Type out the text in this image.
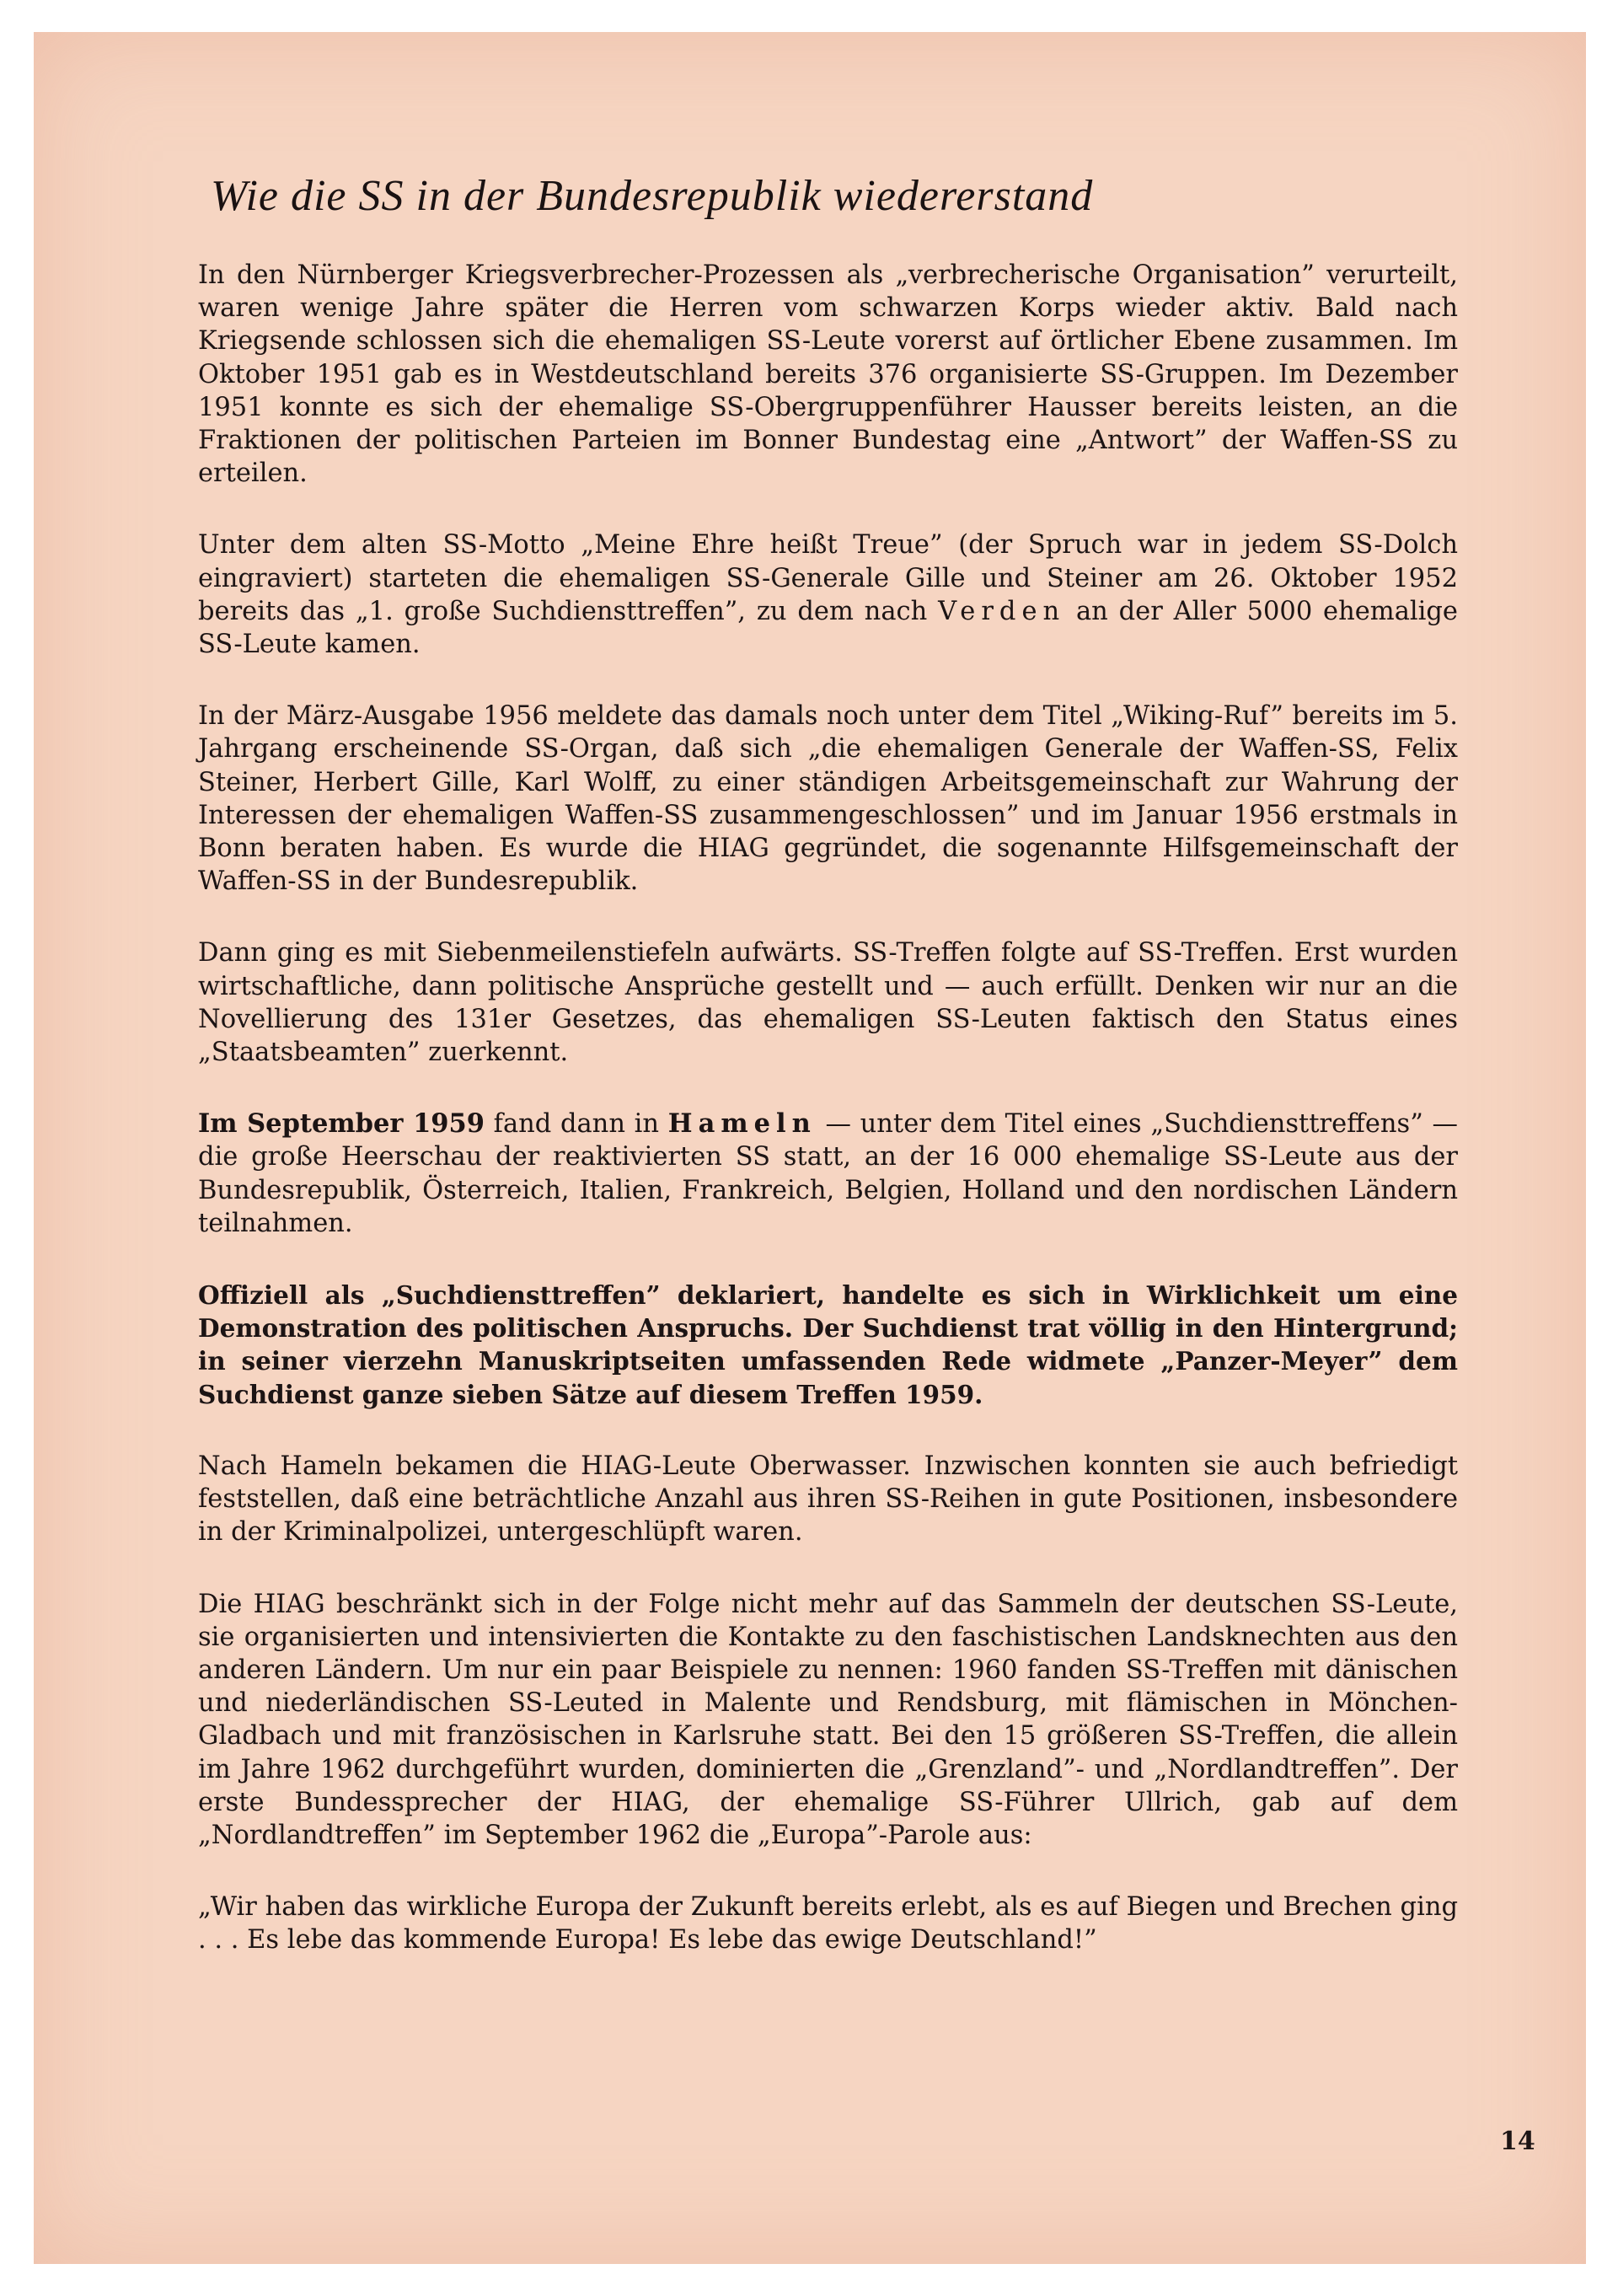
Wie die SS in der Bundesrepublik wiedererstand

In den Nürnberger Kriegsverbrecher-Prozessen als „verbrecherische Organisation” verurteilt, waren wenige Jahre später die Herren vom schwarzen Korps wieder aktiv. Bald nach Kriegsende schlossen sich die ehemaligen SS-Leute vorerst auf örtlicher Ebene zusammen. Im Oktober 1951 gab es in Westdeutschland bereits 376 organisierte SS-Gruppen. Im Dezember 1951 konnte es sich der ehemalige SS-Obergruppenführer Hausser bereits leisten, an die Fraktionen der politischen Parteien im Bonner Bundestag eine „Antwort” der Waffen-SS zu erteilen.

Unter dem alten SS-Motto „Meine Ehre heißt Treue” (der Spruch war in jedem SS-Dolch eingraviert) starteten die ehemaligen SS-Generale Gille und Steiner am 26. Oktober 1952 bereits das „1. große Suchdiensttreffen”, zu dem nach Verden an der Aller 5000 ehemalige SS-Leute kamen.

In der März-Ausgabe 1956 meldete das damals noch unter dem Titel „Wiking-Ruf” bereits im 5. Jahrgang erscheinende SS-Organ, daß sich „die ehemaligen Generale der Waffen-SS, Felix Steiner, Herbert Gille, Karl Wolff, zu einer ständigen Arbeitsgemeinschaft zur Wahrung der Interessen der ehemaligen Waffen-SS zusammengeschlossen” und im Januar 1956 erstmals in Bonn beraten haben. Es wurde die HIAG gegründet, die sogenannte Hilfsgemeinschaft der Waffen-SS in der Bundesrepublik.

Dann ging es mit Siebenmeilenstiefeln aufwärts. SS-Treffen folgte auf SS-Treffen. Erst wurden wirtschaftliche, dann politische Ansprüche gestellt und — auch erfüllt. Denken wir nur an die Novellierung des 131er Gesetzes, das ehemaligen SS-Leuten faktisch den Status eines „Staatsbeamten” zuerkennt.

Im September 1959 fand dann in Hameln — unter dem Titel eines „Suchdiensttreffens” — die große Heerschau der reaktivierten SS statt, an der 16 000 ehemalige SS-Leute aus der Bundesrepublik, Österreich, Italien, Frankreich, Belgien, Holland und den nordischen Ländern teilnahmen.

Offiziell als „Suchdiensttreffen” deklariert, handelte es sich in Wirklichkeit um eine Demonstration des politischen Anspruchs. Der Suchdienst trat völlig in den Hintergrund; in seiner vierzehn Manuskriptseiten umfassenden Rede widmete „Panzer-Meyer” dem Suchdienst ganze sieben Sätze auf diesem Treffen 1959.

Nach Hameln bekamen die HIAG-Leute Oberwasser. Inzwischen konnten sie auch befriedigt feststellen, daß eine beträchtliche Anzahl aus ihren SS-Reihen in gute Positionen, insbesondere in der Kriminalpolizei, untergeschlüpft waren.

Die HIAG beschränkt sich in der Folge nicht mehr auf das Sammeln der deutschen SS-Leute, sie organisierten und intensivierten die Kontakte zu den faschistischen Landsknechten aus den anderen Ländern. Um nur ein paar Beispiele zu nennen: 1960 fanden SS-Treffen mit dänischen und niederländischen SS-Leuted in Malente und Rendsburg, mit flämischen in Mönchen-Gladbach und mit französischen in Karlsruhe statt. Bei den 15 größeren SS-Treffen, die allein im Jahre 1962 durchgeführt wurden, dominierten die „Grenzland”- und „Nordlandtreffen”. Der erste Bundessprecher der HIAG, der ehemalige SS-Führer Ullrich, gab auf dem „Nordlandtreffen” im September 1962 die „Europa”-Parole aus:

„Wir haben das wirkliche Europa der Zukunft bereits erlebt, als es auf Biegen und Brechen ging . . . Es lebe das kommende Europa! Es lebe das ewige Deutschland!”

14
